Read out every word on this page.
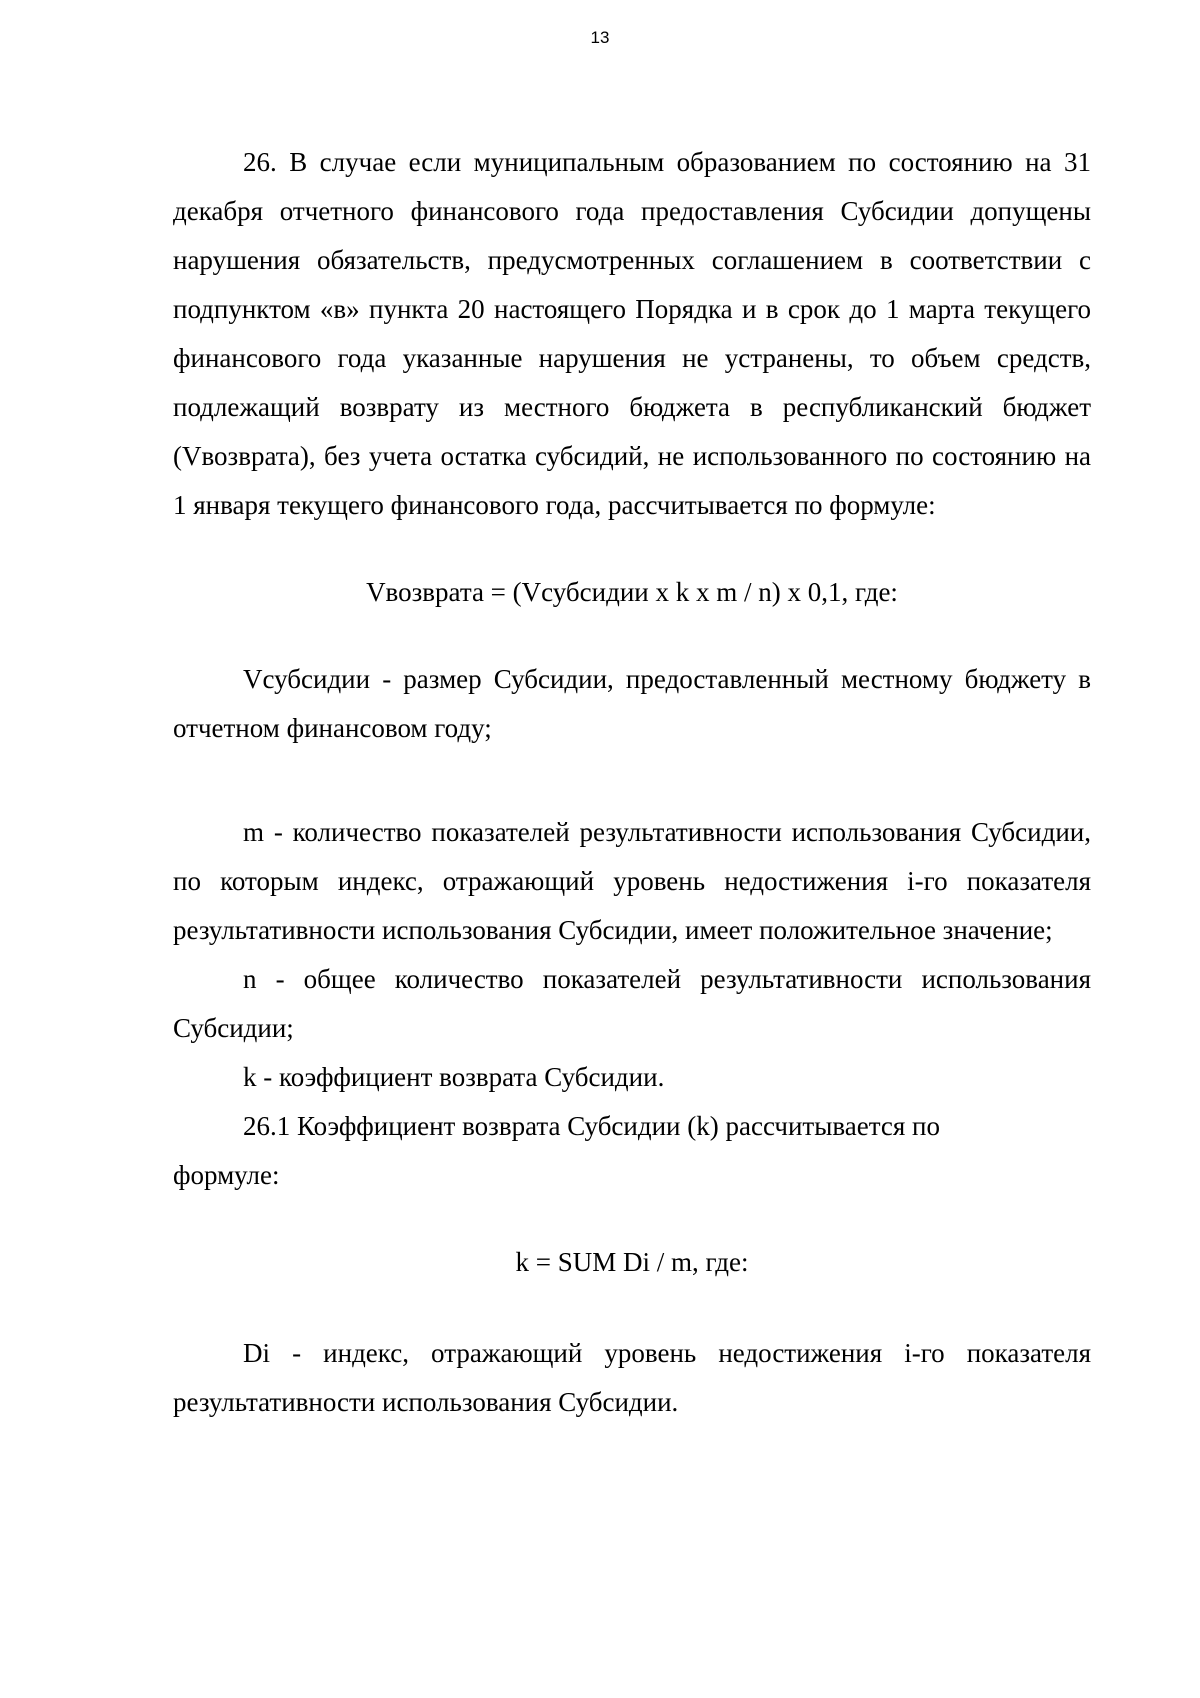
13

26. В случае если муниципальным образованием по состоянию на 31 декабря отчетного финансового года предоставления Субсидии допущены нарушения обязательств, предусмотренных соглашением в соответствии с подпунктом «в» пункта 20 настоящего Порядка и в срок до 1 марта текущего финансового года указанные нарушения не устранены, то объем средств, подлежащий возврату из местного бюджета в республиканский бюджет (Vвозврата), без учета остатка субсидий, не использованного по состоянию на 1 января текущего финансового года, рассчитывается по формуле:

Vвозврата = (Vсубсидии x k x m / n) x 0,1, где:

Vсубсидии - размер Субсидии, предоставленный местному бюджету в отчетном финансовом году;

m - количество показателей результативности использования Субсидии, по которым индекс, отражающий уровень недостижения i-го показателя результативности использования Субсидии, имеет положительное значение;

n - общее количество показателей результативности использования Субсидии;

k - коэффициент возврата Субсидии.

26.1 Коэффициент возврата Субсидии (k) рассчитывается по

формуле:

k = SUM Di / m, где:

Di - индекс, отражающий уровень недостижения i-го показателя результативности использования Субсидии.
